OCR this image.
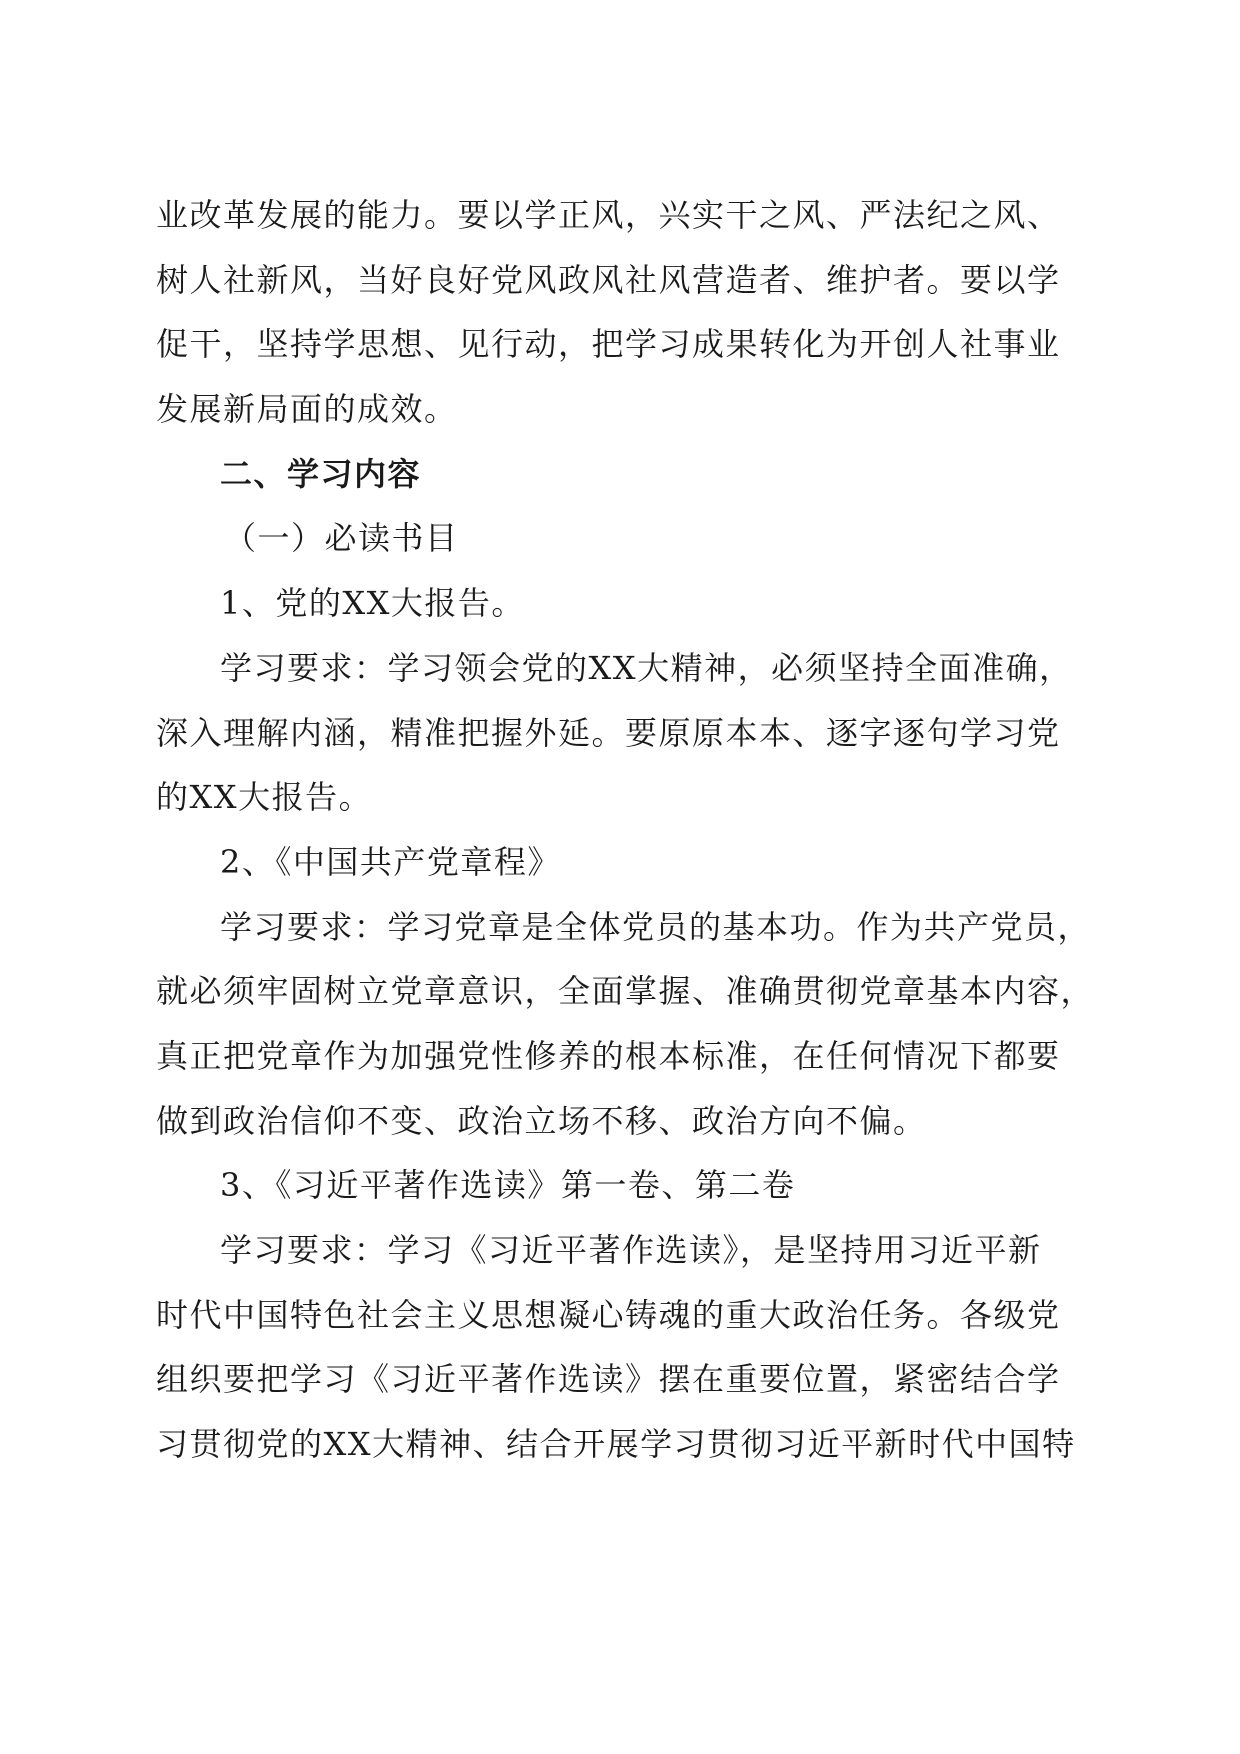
业改革发展的能力。要以学正风，兴实干之风、严法纪之风、
树人社新风，当好良好党风政风社风营造者、维护者。要以学
促干，坚持学思想、见行动，把学习成果转化为开创人社事业
发展新局面的成效。
二、学习内容
（一）必读书目
1、党的XX大报告。
学习要求：学习领会党的XX大精神，必须坚持全面准确，
深入理解内涵，精准把握外延。要原原本本、逐字逐句学习党
的XX大报告。
2、《中国共产党章程》
学习要求：学习党章是全体党员的基本功。作为共产党员，
就必须牢固树立党章意识，全面掌握、准确贯彻党章基本内容，
真正把党章作为加强党性修养的根本标准，在任何情况下都要
做到政治信仰不变、政治立场不移、政治方向不偏。
3、《习近平著作选读》第一卷、第二卷
学习要求：学习《习近平著作选读》，是坚持用习近平新
时代中国特色社会主义思想凝心铸魂的重大政治任务。各级党
组织要把学习《习近平著作选读》摆在重要位置，紧密结合学
习贯彻党的XX大精神、结合开展学习贯彻习近平新时代中国特
